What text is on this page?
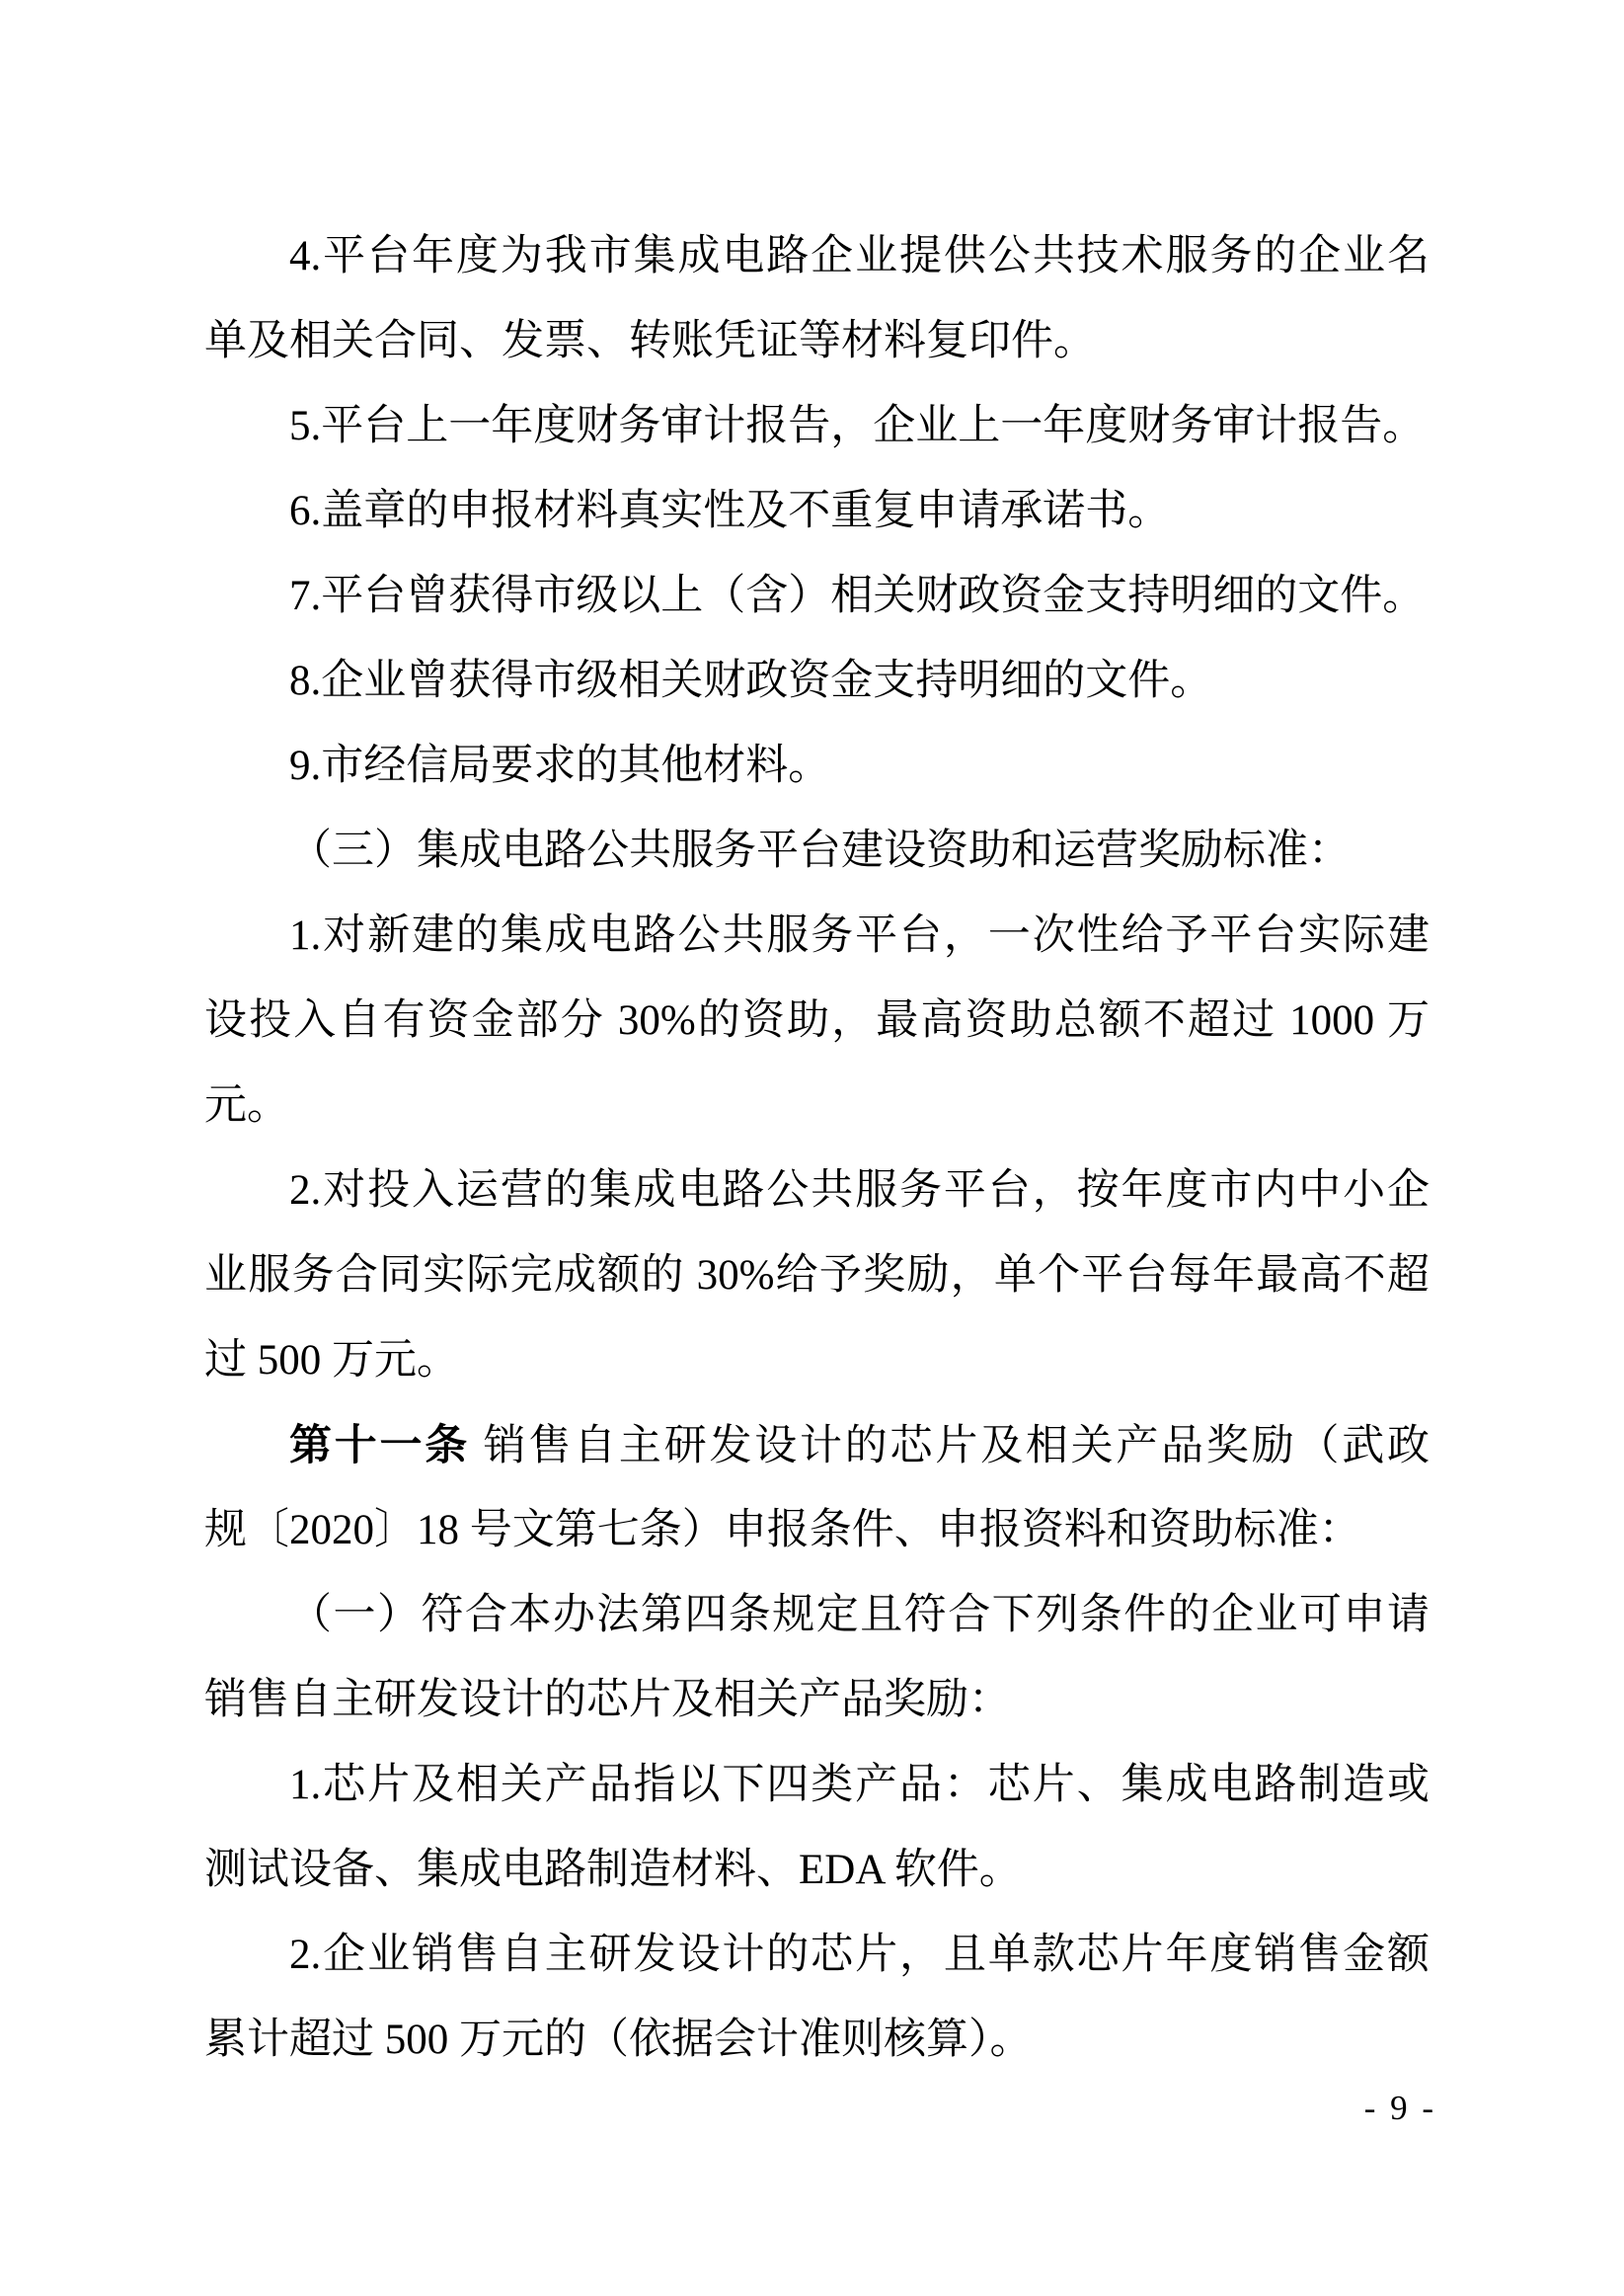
4.平台年度为我市集成电路企业提供公共技术服务的企业名
单及相关合同、发票、转账凭证等材料复印件。
5.平台上一年度财务审计报告，企业上一年度财务审计报告。
6.盖章的申报材料真实性及不重复申请承诺书。
7.平台曾获得市级以上（含）相关财政资金支持明细的文件。
8.企业曾获得市级相关财政资金支持明细的文件。
9.市经信局要求的其他材料。
（三）集成电路公共服务平台建设资助和运营奖励标准：
1.对新建的集成电路公共服务平台，一次性给予平台实际建
设投入自有资金部分 30%的资助，最高资助总额不超过 1000 万
元。
2.对投入运营的集成电路公共服务平台，按年度市内中小企
业服务合同实际完成额的 30%给予奖励，单个平台每年最高不超
过 500 万元。
第十一条 销售自主研发设计的芯片及相关产品奖励（武政
规〔2020〕18 号文第七条）申报条件、申报资料和资助标准：
（一）符合本办法第四条规定且符合下列条件的企业可申请
销售自主研发设计的芯片及相关产品奖励：
1.芯片及相关产品指以下四类产品：芯片、集成电路制造或
测试设备、集成电路制造材料、EDA 软件。
2.企业销售自主研发设计的芯片，且单款芯片年度销售金额
累计超过 500 万元的（依据会计准则核算）。
- 9 -
